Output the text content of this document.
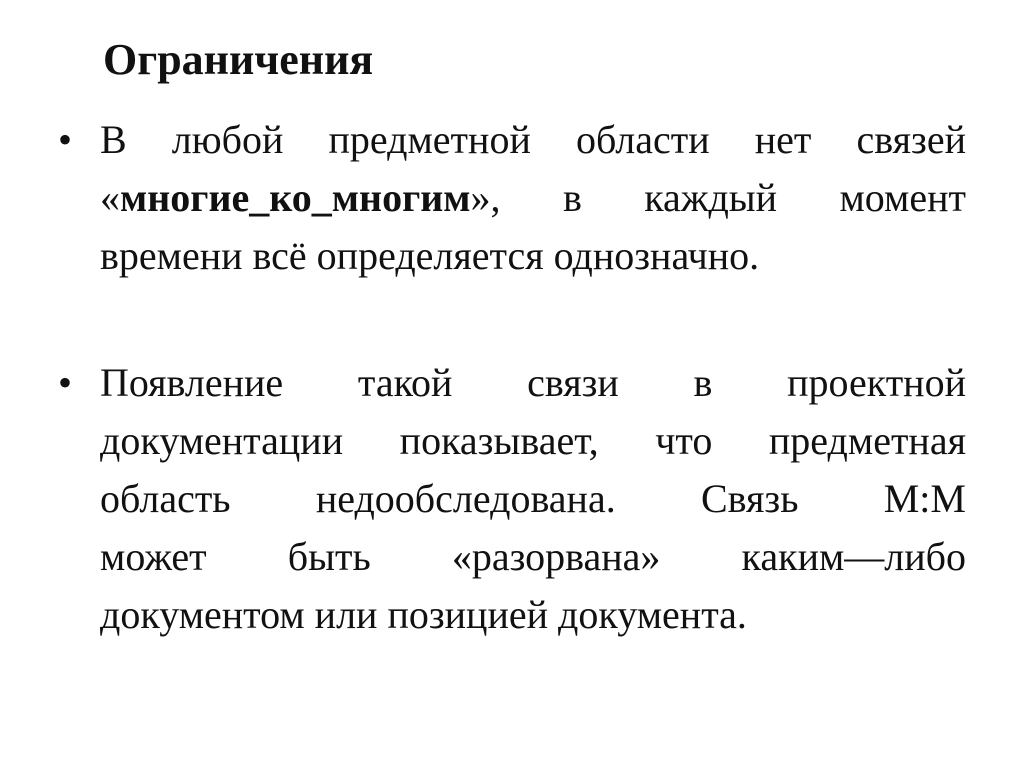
Ограничения
• В любой предметной области нет связей
«многие_ко_многим», в каждый момент
времени всё определяется однозначно.
• Появление такой связи в проектной
документации показывает, что предметная
область недообследована. Связь М:М
может быть «разорвана» каким—либо
документом или позицией документа.
